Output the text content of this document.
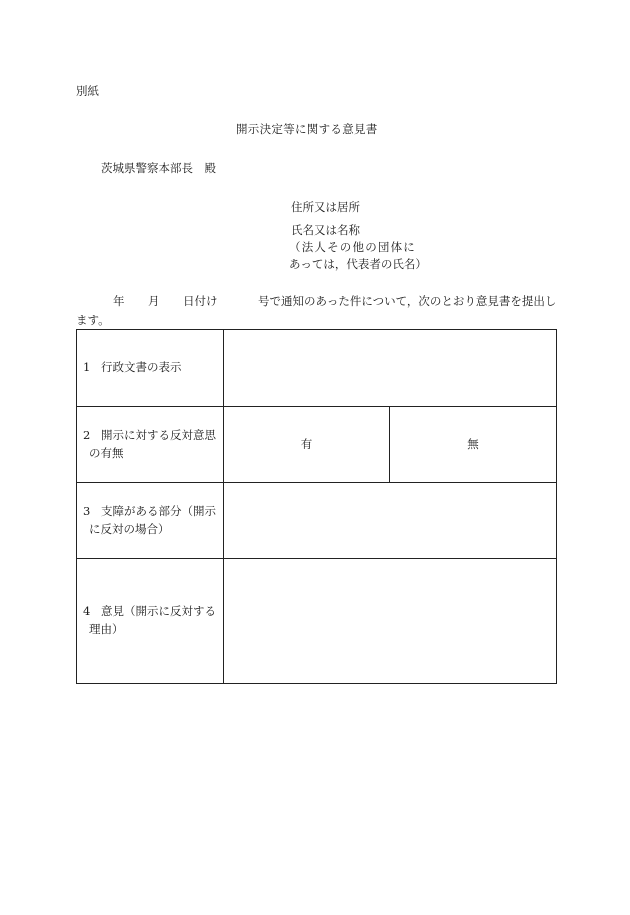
別紙
開示決定等に関する意見書
茨城県警察本部長　殿
住所又は居所
氏名又は名称
（法人その他の団体に
あっては，代表者の氏名）
年 月 日付け	号で通知のあった件について，次のとおり意見書を提出し
ます。
1 行政文書の表示		

2 開示に対する反対意思
の有無	有	無

3 支障がある部分（開示
に反対の場合）		

4 意見（開示に反対する
理由）		
